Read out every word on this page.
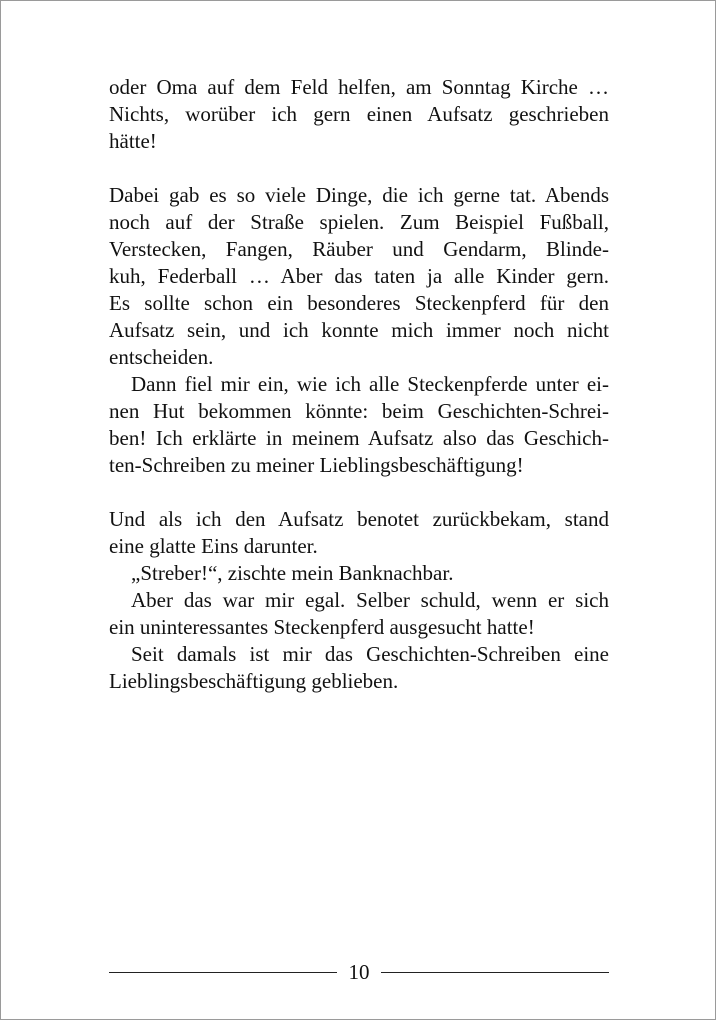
oder Oma auf dem Feld helfen, am Sonntag Kirche …
Nichts, worüber ich gern einen Aufsatz geschrieben
hätte!
Dabei gab es so viele Dinge, die ich gerne tat. Abends
noch auf der Straße spielen. Zum Beispiel Fußball,
Verstecken, Fangen, Räuber und Gendarm, Blinde-
kuh, Federball … Aber das taten ja alle Kinder gern.
Es sollte schon ein besonderes Steckenpferd für den
Aufsatz sein, und ich konnte mich immer noch nicht
entscheiden.
Dann fiel mir ein, wie ich alle Steckenpferde unter ei-
nen Hut bekommen könnte: beim Geschichten-Schrei-
ben! Ich erklärte in meinem Aufsatz also das Geschich-
ten-Schreiben zu meiner Lieblingsbeschäftigung!
Und als ich den Aufsatz benotet zurückbekam, stand
eine glatte Eins darunter.
„Streber!“, zischte mein Banknachbar.
Aber das war mir egal. Selber schuld, wenn er sich
ein uninteressantes Steckenpferd ausgesucht hatte!
Seit damals ist mir das Geschichten-Schreiben eine
Lieblingsbeschäftigung geblieben.
10
